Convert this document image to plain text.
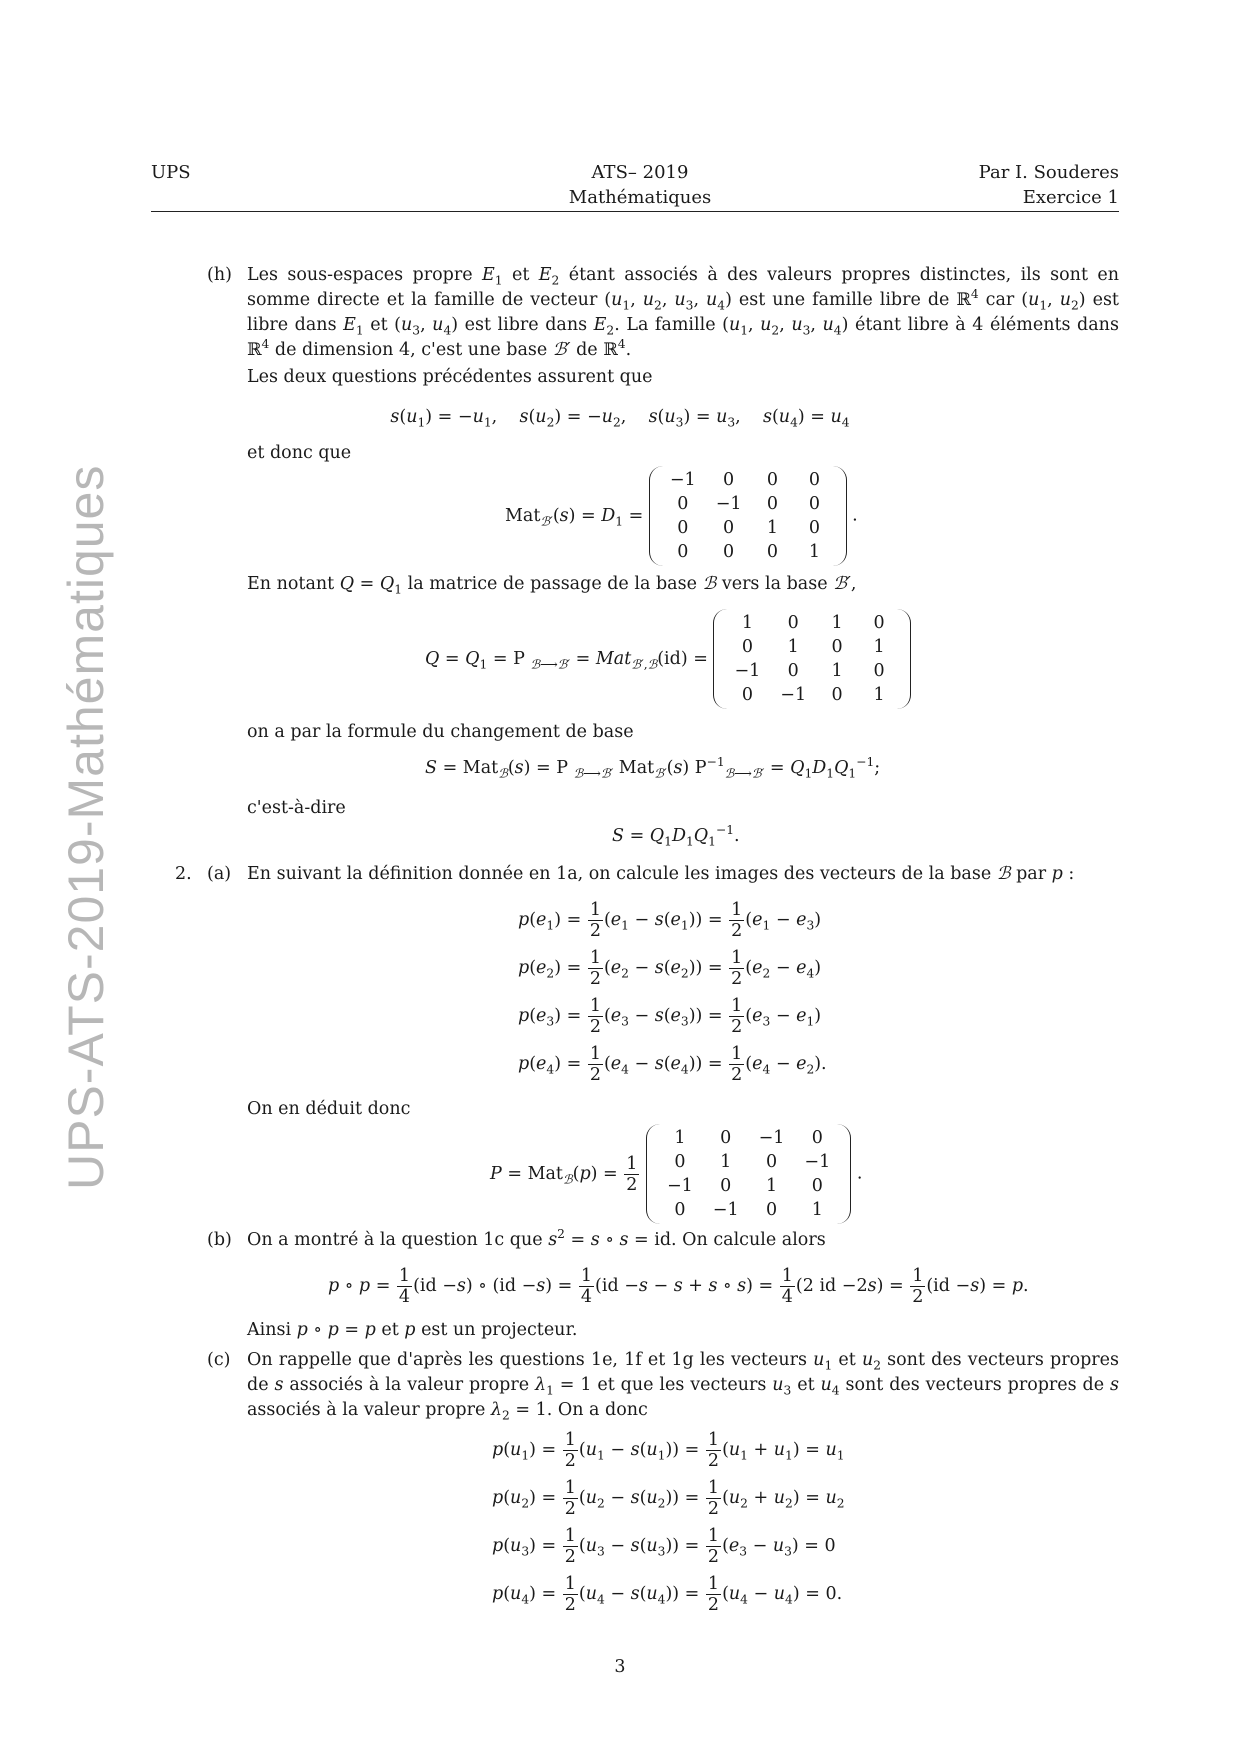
UPS	ATS– 2019
Mathématiques
Par I. Souderes
Exercice 1
UPS-ATS-2019-Mathématiques
(h) Les sous-espaces propre $E_1$ et $E_2$ étant associés à des valeurs propres distinctes, ils sont en somme directe et la famille de vecteur ($u_1$, $u_2$, $u_3$, $u_4$) est une famille libre de ℝ$^4$ car ($u_1$, $u_2$) est libre dans $E_1$ et ($u_3$, $u_4$) est libre dans $E_2$. La famille ($u_1$, $u_2$, $u_3$, $u_4$) étant libre à 4 éléments dans ℝ$^4$ de dimension 4, c'est une base ℬ′ de ℝ$^4$.
Les deux questions précédentes assurent que
$s(u_1) = -u_1$,    $s(u_2) = -u_2$,    $s(u_3) = u_3$,    $s(u_4) = u_4$
et donc que
$Mat_{ℬ'}(s) = D_1$ =
−1	0	0	0
0	−1	0	0
0	0	1	0
0	0	0	1
.
En notant $Q = Q_1$ la matrice de passage de la base ℬ vers la base ℬ′,
$Q = Q_1 = P$ $_{ℬ⟶ℬ'}$ = Mat$_{ℬ',ℬ}$(id) =
1	0	1	0
0	1	0	1
−1	0	1	0
0	−1	0	1
on a par la formule du changement de base
S = Mat$_ℬ$(s) = P $_{ℬ⟶ℬ'}$ Mat$_{ℬ'}$(s) $P^{-1}_{ℬ⟶ℬ'} = Q_1D_1Q_1^{-1}$;
c'est-à-dire
$S = Q_1D_1Q_1^{-1}$.
2. (a) En suivant la définition donnée en 1a, on calcule les images des vecteurs de la base ℬ par p :
$p(e_1) = \frac{1}{2} (e_1 - s(e_1)) = \frac{1}{2} (e_1 - e_3)$
$p(e_2) = \frac{1}{2} (e_2 - s(e_2)) = \frac{1}{2} (e_2 - e_4)$
$p(e_3) = \frac{1}{2} (e_3 - s(e_3)) = \frac{1}{2} (e_3 - e_1)$
$p(e_4) = \frac{1}{2} (e_4 - s(e_4)) = \frac{1}{2} (e_4 - e_2)$.
On en déduit donc
$P = Mat_ℬ(p) = \frac{1}{2}$

1	0	−1	0
0	1	0	−1
−1	0	1	0
0	−1	0	1
.
(b) On a montré à la question 1c que $s^2 = s$ ∘ s = id. On calcule alors
p ∘ $p = \frac{1}{4} (id -s)$ ∘ $(id -s) = \frac{1}{4} (id -s - s + s$ ∘ $s) = \frac{1}{4} (2$ id $-2s) = \frac{1}{2} (id -s) = p$.
Ainsi p ∘ p = p et p est un projecteur.
(c) On rappelle que d'après les questions 1e, 1f et 1g les vecteurs $u_1$ et $u_2$ sont des vecteurs propres de s associés à la valeur propre $\lambda_1 = 1$ et que les vecteurs $u_3$ et $u_4$ sont des vecteurs propres de s associés à la valeur propre $\lambda_2 = 1$. On a donc
$p(u_1) = \frac{1}{2} (u_1 - s(u_1)) = \frac{1}{2} (u_1 + u_1) = u_1$
$p(u_2) = \frac{1}{2} (u_2 - s(u_2)) = \frac{1}{2} (u_2 + u_2) = u_2$
$p(u_3) = \frac{1}{2} (u_3 - s(u_3)) = \frac{1}{2} (e_3 - u_3) = 0$
$p(u_4) = \frac{1}{2} (u_4 - s(u_4)) = \frac{1}{2} (u_4 - u_4) = 0$.
3
